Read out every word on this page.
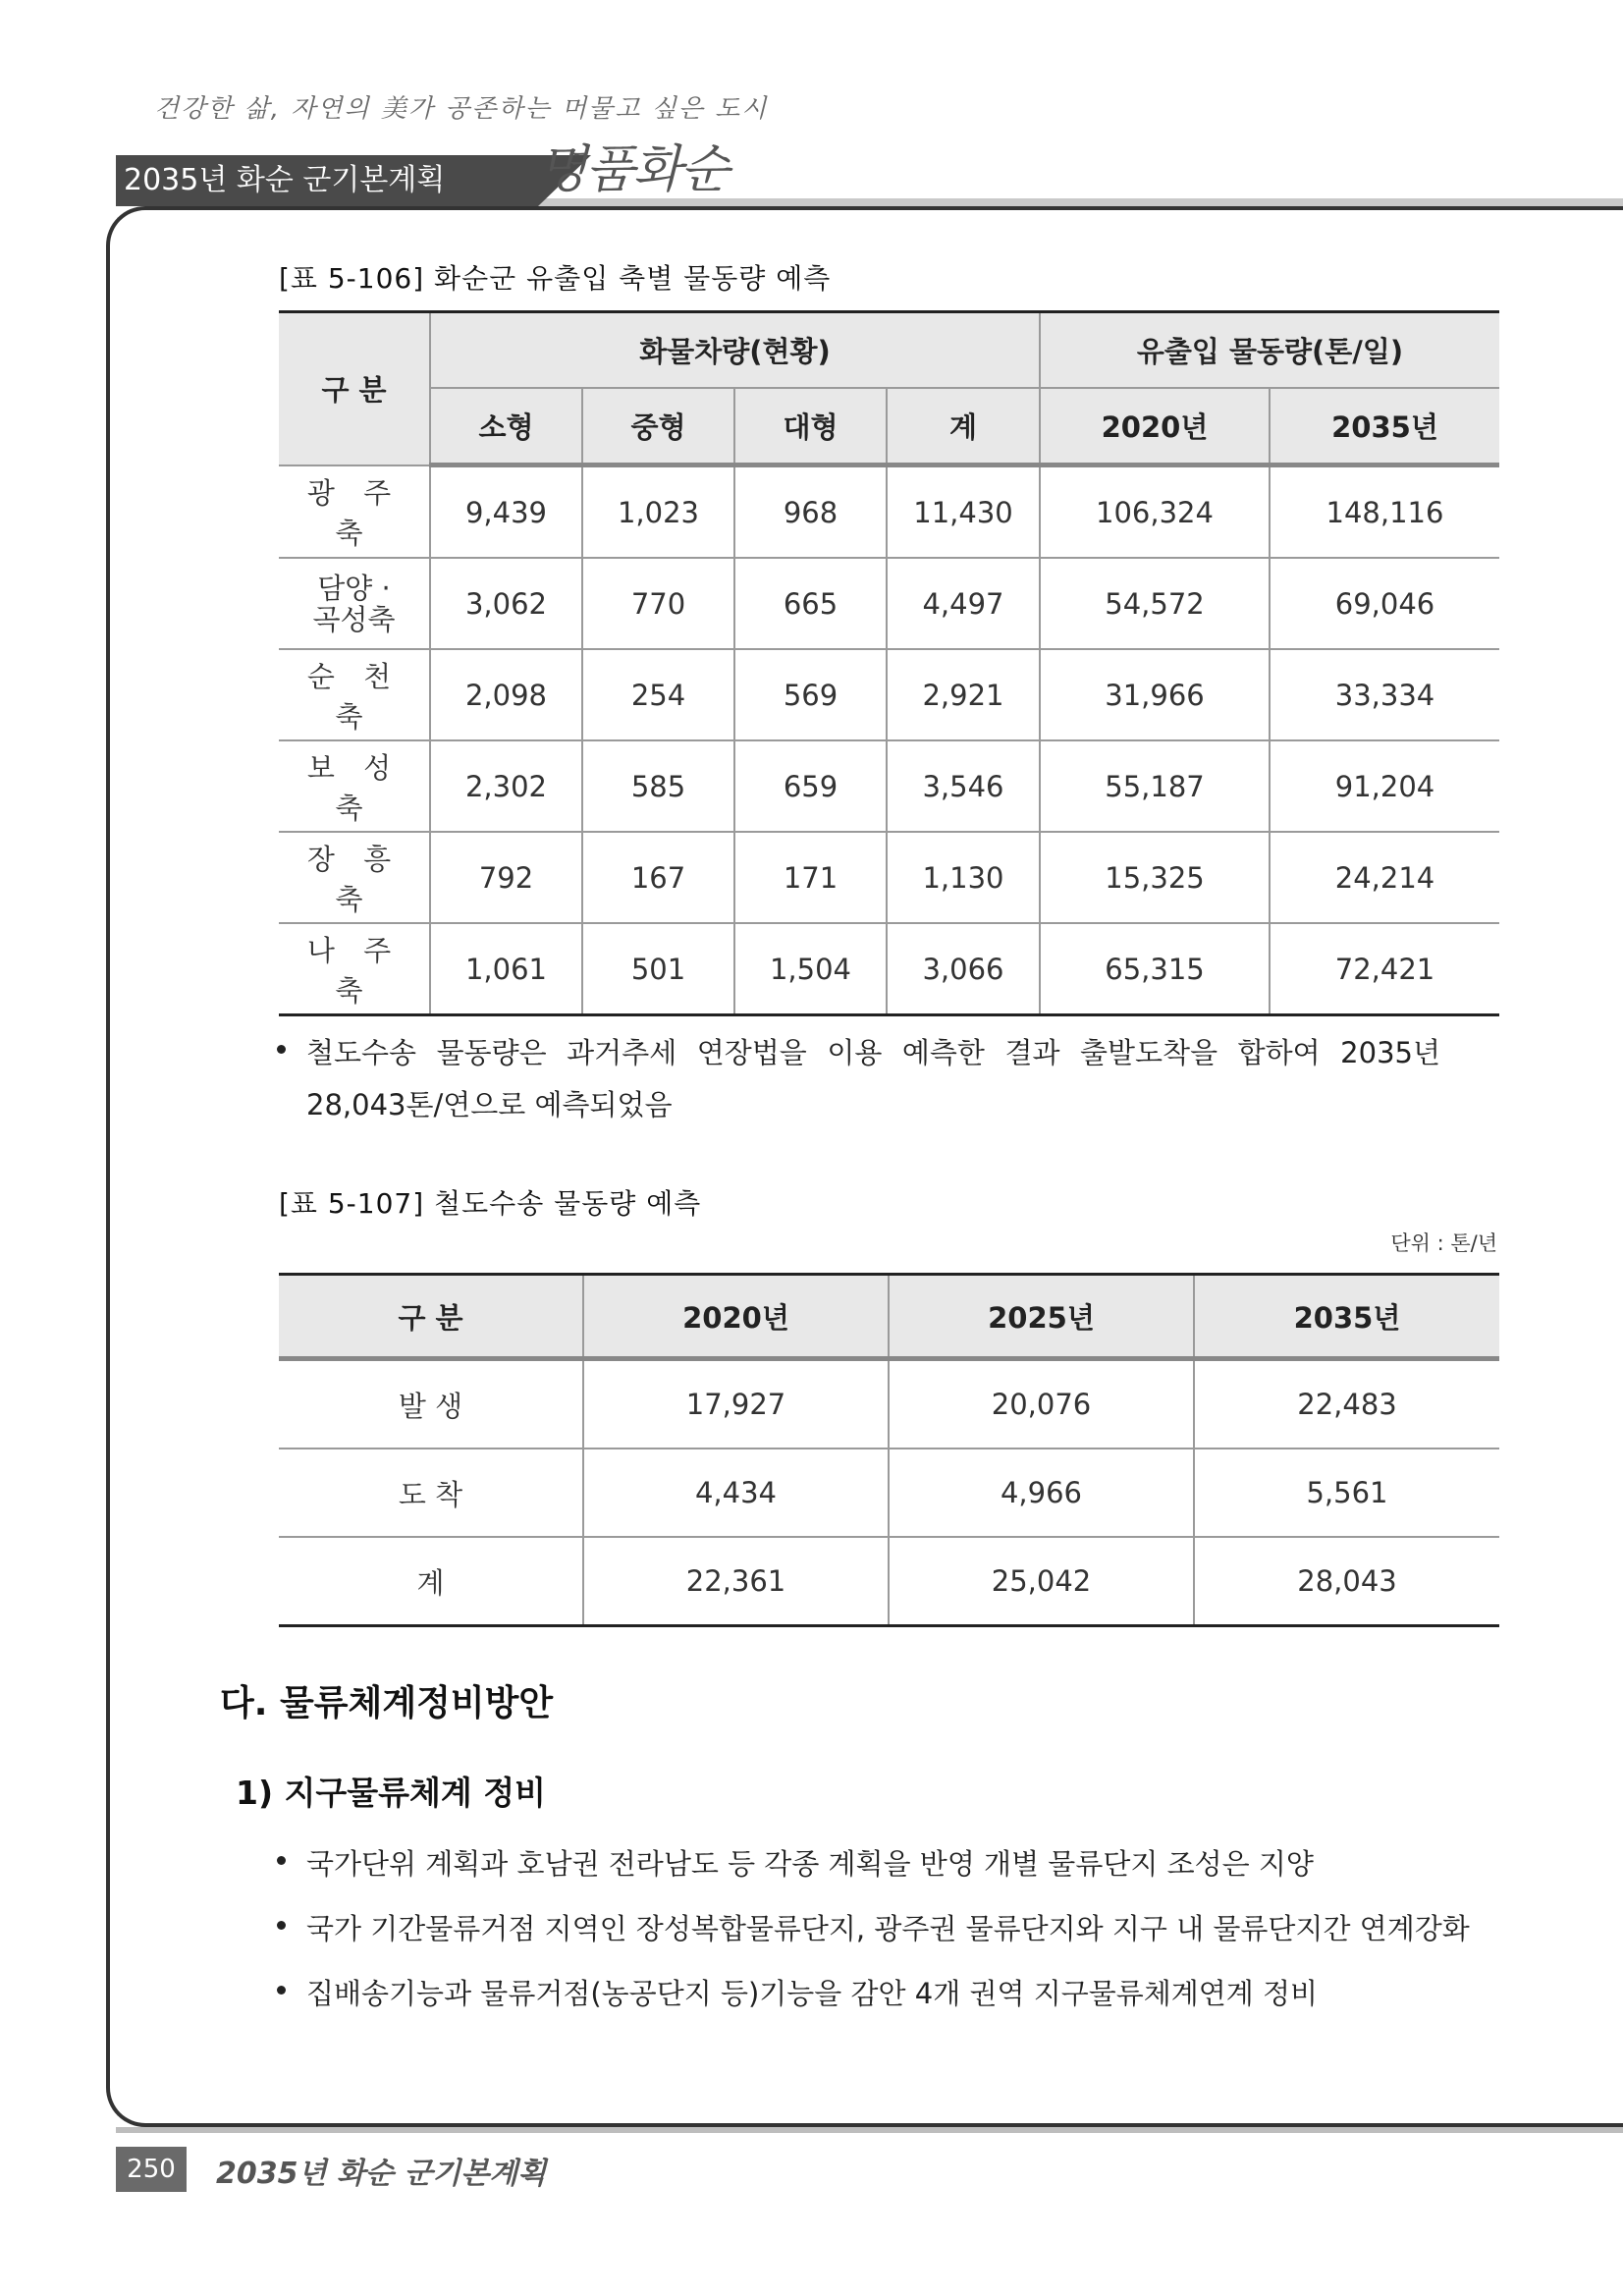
건강한 삶, 자연의 美가 공존하는 머물고 싶은 도시
2035년 화순 군기본계획	명품화순
[표 5-106] 화순군 유출입 축별 물동량 예측
구 분	화물차량(현황)				유출입 물동량(톤/일)	
	소형	중형	대형	계	2020년	2035년
광 주 축	9,439	1,023	968	11,430	106,324	148,116

담양 ·
곡성축	3,062	770	665	4,497	54,572	69,046
순 천 축	2,098	254	569	2,921	31,966	33,334
보 성 축	2,302	585	659	3,546	55,187	91,204
장 흥 축	792	167	171	1,130	15,325	24,214
나 주 축	1,061	501	1,504	3,066	65,315	72,421
철도수송 물동량은 과거추세 연장법을 이용 예측한 결과 출발도착을 합하여 2035년
28,043톤/연으로 예측되었음
[표 5-107] 철도수송 물동량 예측
단위 : 톤/년
구 분	2020년	2025년	2035년
발 생	17,927	20,076	22,483
도 착	4,434	4,966	5,561
계	22,361	25,042	28,043
다. 물류체계정비방안
1) 지구물류체계 정비
국가단위 계획과 호남권 전라남도 등 각종 계획을 반영 개별 물류단지 조성은 지양
국가 기간물류거점 지역인 장성복합물류단지, 광주권 물류단지와 지구 내 물류단지간 연계강화
집배송기능과 물류거점(농공단지 등)기능을 감안 4개 권역 지구물류체계연계 정비
250	2035년 화순 군기본계획
